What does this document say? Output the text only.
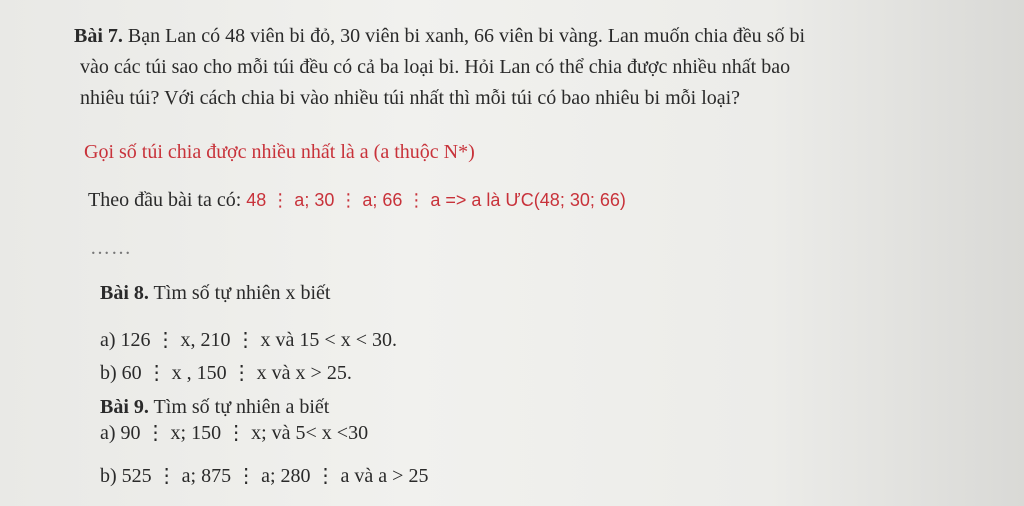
Bài 7. Bạn Lan có 48 viên bi đỏ, 30 viên bi xanh, 66 viên bi vàng. Lan muốn chia đều số bi
vào các túi sao cho mỗi túi đều có cả ba loại bi. Hỏi Lan có thể chia được nhiều nhất bao
nhiêu túi? Với cách chia bi vào nhiều túi nhất thì mỗi túi có bao nhiêu bi mỗi loại?
Gọi số túi chia được nhiều nhất là a (a thuộc N*)
Theo đầu bài ta có: 48 ⋮ a; 30 ⋮ a; 66 ⋮ a => a là ƯC(48; 30; 66)
……
Bài 8. Tìm số tự nhiên x biết
a) 126 ⋮ x, 210 ⋮ x và 15 < x < 30.
b) 60 ⋮ x , 150 ⋮ x và x > 25.
Bài 9. Tìm số tự nhiên a biết
a) 90 ⋮ x; 150 ⋮ x; và 5< x <30
b) 525 ⋮ a; 875 ⋮ a; 280 ⋮ a và a > 25
